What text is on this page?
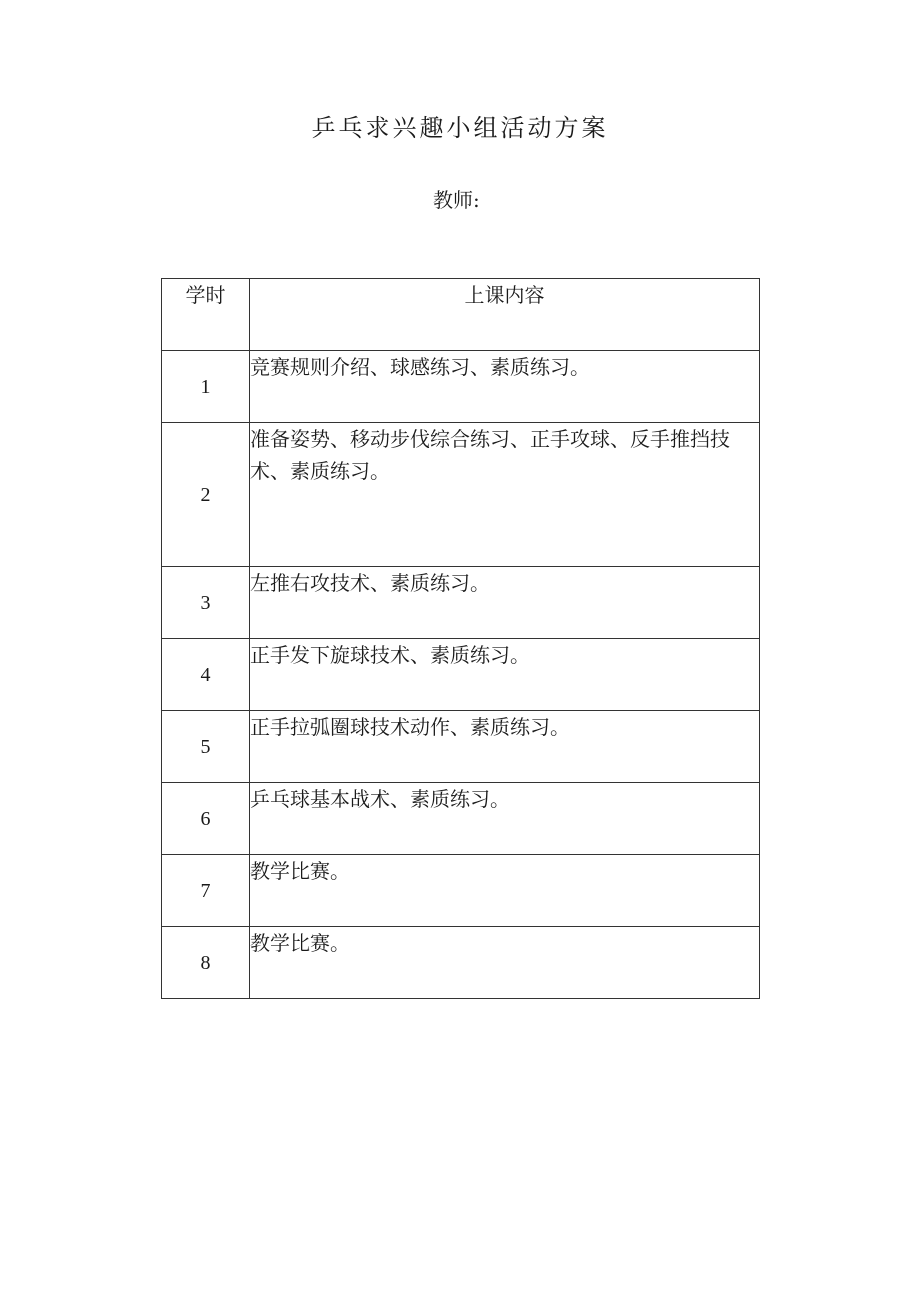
乒乓求兴趣小组活动方案
教师:
学时	上课内容
1	竞赛规则介绍、球感练习、素质练习。
2	准备姿势、移动步伐综合练习、正手攻球、反手推挡技术、素质练习。
3	左推右攻技术、素质练习。
4	正手发下旋球技术、素质练习。
5	正手拉弧圈球技术动作、素质练习。
6	乒乓球基本战术、素质练习。
7	教学比赛。
8	教学比赛。
